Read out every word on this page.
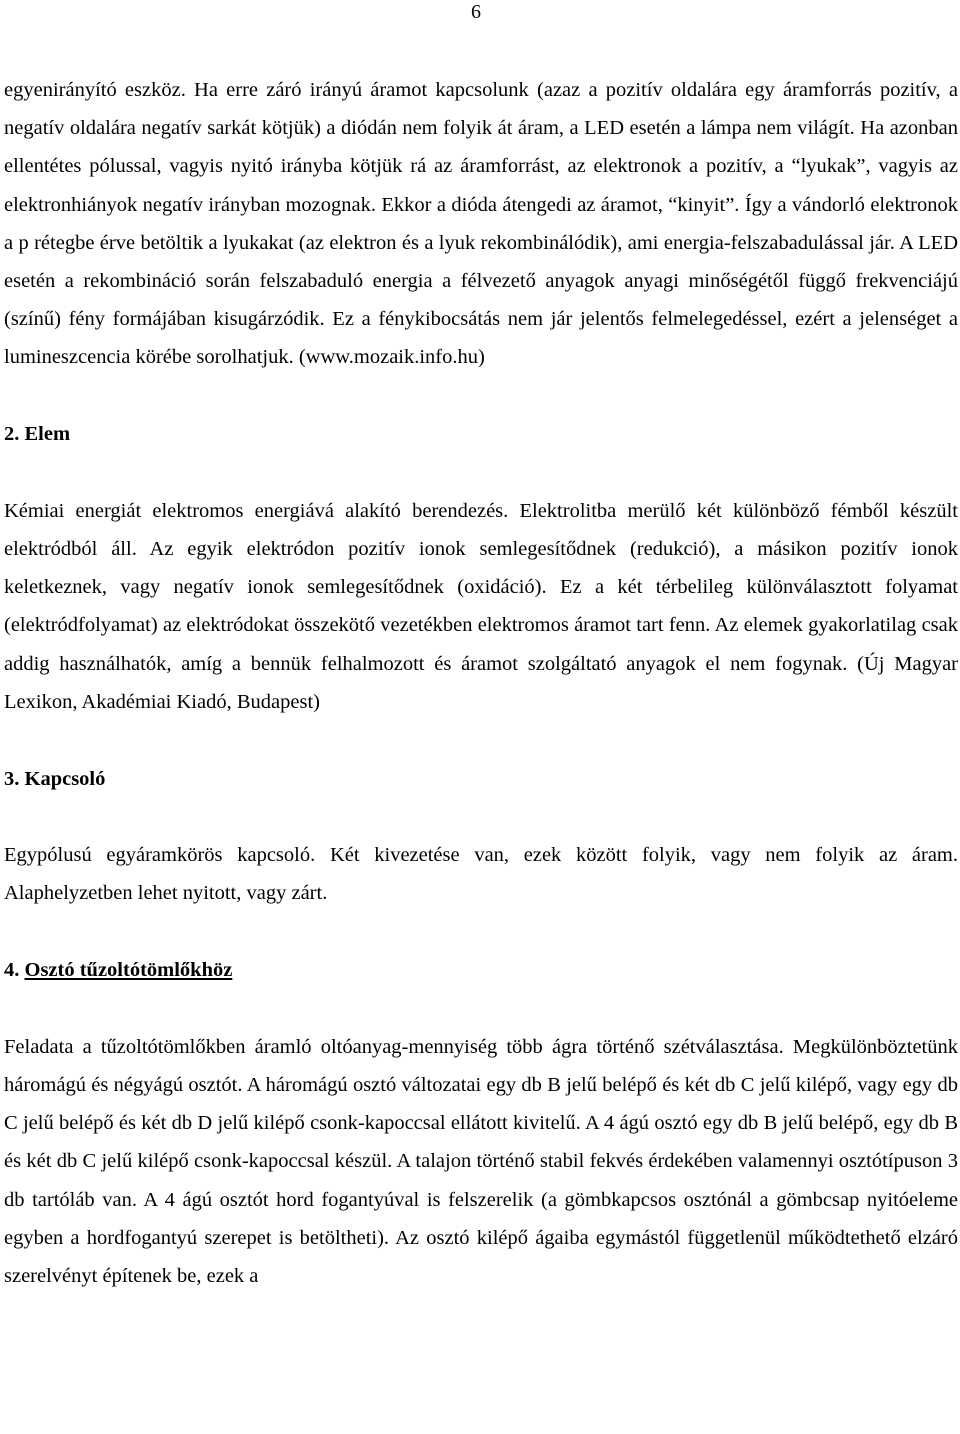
6

egyenirányító eszköz. Ha erre záró irányú áramot kapcsolunk (azaz a pozitív oldalára egy áramforrás pozitív, a negatív oldalára negatív sarkát kötjük) a diódán nem folyik át áram, a LED esetén a lámpa nem világít. Ha azonban ellentétes pólussal, vagyis nyitó irányba kötjük rá az áramforrást, az elektronok a pozitív, a “lyukak”, vagyis az elektronhiányok negatív irányban mozognak. Ekkor a dióda átengedi az áramot, “kinyit”. Így a vándorló elektronok a p rétegbe érve betöltik a lyukakat (az elektron és a lyuk rekombinálódik), ami energia-felszabadulással jár. A LED esetén a rekombináció során felszabaduló energia a félvezető anyagok anyagi minőségétől függő frekvenciájú (színű) fény formájában kisugárzódik. Ez a fénykibocsátás nem jár jelentős felmelegedéssel, ezért a jelenséget a lumineszcencia körébe sorolhatjuk. (www.mozaik.info.hu)

2. Elem

Kémiai energiát elektromos energiává alakító berendezés. Elektrolitba merülő két különböző fémből készült elektródból áll. Az egyik elektródon pozitív ionok semlegesítődnek (redukció), a másikon pozitív ionok keletkeznek, vagy negatív ionok semlegesítődnek (oxidáció). Ez a két térbelileg különválasztott folyamat (elektródfolyamat) az elektródokat összekötő vezetékben elektromos áramot tart fenn. Az elemek gyakorlatilag csak addig használhatók, amíg a bennük felhalmozott és áramot szolgáltató anyagok el nem fogynak. (Új Magyar Lexikon, Akadémiai Kiadó, Budapest)

3. Kapcsoló

Egypólusú egyáramkörös kapcsoló. Két kivezetése van, ezek között folyik, vagy nem folyik az áram. Alaphelyzetben lehet nyitott, vagy zárt.

4. Osztó tűzoltótömlőkhöz

Feladata a tűzoltótömlőkben áramló oltóanyag-mennyiség több ágra történő szétválasztása. Megkülönböztetünk háromágú és négyágú osztót. A háromágú osztó változatai egy db B jelű belépő és két db C jelű kilépő, vagy egy db C jelű belépő és két db D jelű kilépő csonk-kapoccsal ellátott kivitelű. A 4 ágú osztó egy db B jelű belépő, egy db B és két db C jelű kilépő csonk-kapoccsal készül. A talajon történő stabil fekvés érdekében valamennyi osztótípuson 3 db tartóláb van. A 4 ágú osztót hord fogantyúval is felszerelik (a gömbkapcsos osztónál a gömbcsap nyitóeleme egyben a hordfogantyú szerepet is betöltheti). Az osztó kilépő ágaiba egymástól függetlenül működtethető elzáró szerelvényt építenek be, ezek a
